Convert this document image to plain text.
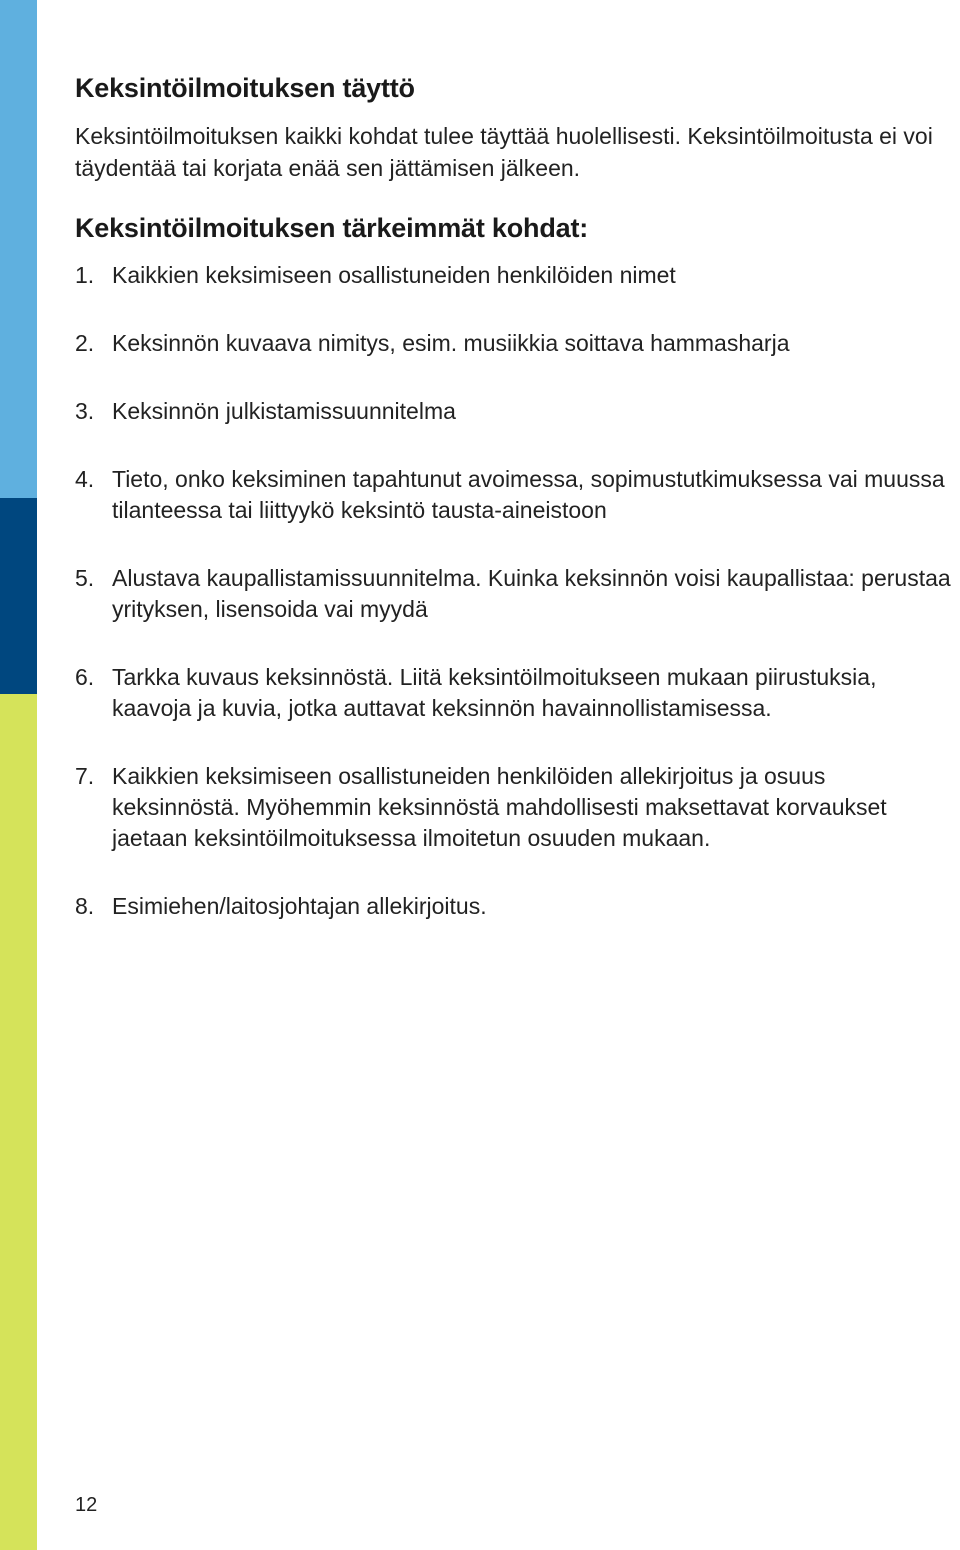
Keksintöilmoituksen täyttö

Keksintöilmoituksen kaikki kohdat tulee täyttää huolellisesti. Keksintöilmoitusta ei voi täydentää tai korjata enää sen jättämisen jälkeen.

Keksintöilmoituksen tärkeimmät kohdat:
1. Kaikkien keksimiseen osallistuneiden henkilöiden nimet
2. Keksinnön kuvaava nimitys, esim. musiikkia soittava hammasharja
3. Keksinnön julkistamissuunnitelma
4. Tieto, onko keksiminen tapahtunut avoimessa, sopimustutkimuksessa vai muussa tilanteessa tai liittyykö keksintö tausta-aineistoon
5. Alustava kaupallistamissuunnitelma. Kuinka keksinnön voisi kaupallistaa: perustaa yrityksen, lisensoida vai myydä
6. Tarkka kuvaus keksinnöstä. Liitä keksintöilmoitukseen mukaan piirustuksia, kaavoja ja kuvia, jotka auttavat keksinnön havainnollistamisessa.
7. Kaikkien keksimiseen osallistuneiden henkilöiden allekirjoitus ja osuus keksinnöstä. Myöhemmin keksinnöstä mahdollisesti maksettavat korvaukset jaetaan keksintöilmoituksessa ilmoitetun osuuden mukaan.
8. Esimiehen/laitosjohtajan allekirjoitus.
12
